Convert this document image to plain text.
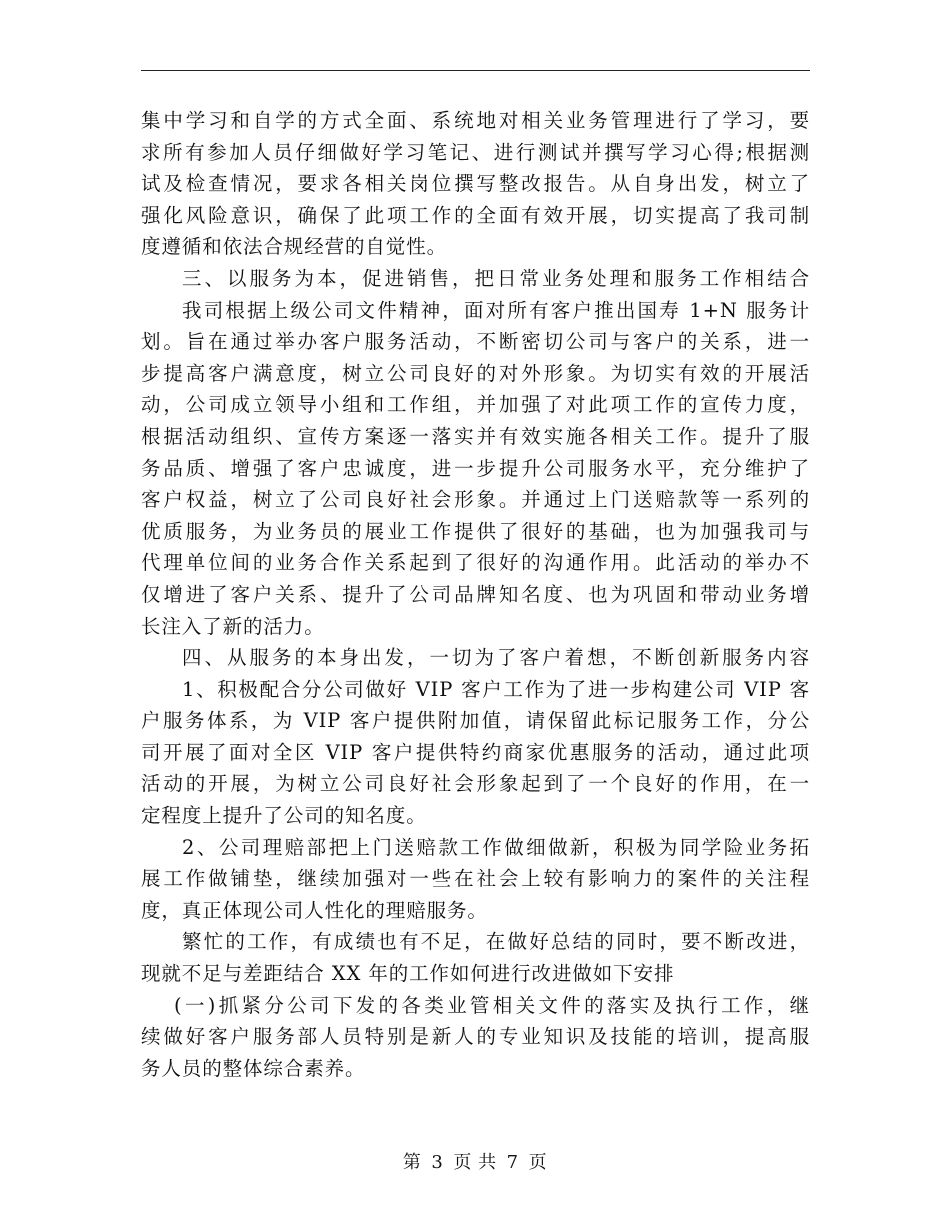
集中学习和自学的方式全面、系统地对相关业务管理进行了学习，要
求所有参加人员仔细做好学习笔记、进行测试并撰写学习心得;根据测
试及检查情况，要求各相关岗位撰写整改报告。从自身出发，树立了
强化风险意识，确保了此项工作的全面有效开展，切实提高了我司制
度遵循和依法合规经营的自觉性。
三、以服务为本，促进销售，把日常业务处理和服务工作相结合
我司根据上级公司文件精神，面对所有客户推出国寿 1+N 服务计
划。旨在通过举办客户服务活动，不断密切公司与客户的关系，进一
步提高客户满意度，树立公司良好的对外形象。为切实有效的开展活
动，公司成立领导小组和工作组，并加强了对此项工作的宣传力度，
根据活动组织、宣传方案逐一落实并有效实施各相关工作。提升了服
务品质、增强了客户忠诚度，进一步提升公司服务水平，充分维护了
客户权益，树立了公司良好社会形象。并通过上门送赔款等一系列的
优质服务，为业务员的展业工作提供了很好的基础，也为加强我司与
代理单位间的业务合作关系起到了很好的沟通作用。此活动的举办不
仅增进了客户关系、提升了公司品牌知名度、也为巩固和带动业务增
长注入了新的活力。
四、从服务的本身出发，一切为了客户着想，不断创新服务内容
1、积极配合分公司做好 VIP 客户工作为了进一步构建公司 VIP 客
户服务体系，为 VIP 客户提供附加值，请保留此标记服务工作，分公
司开展了面对全区 VIP 客户提供特约商家优惠服务的活动，通过此项
活动的开展，为树立公司良好社会形象起到了一个良好的作用，在一
定程度上提升了公司的知名度。
2、公司理赔部把上门送赔款工作做细做新，积极为同学险业务拓
展工作做铺垫，继续加强对一些在社会上较有影响力的案件的关注程
度，真正体现公司人性化的理赔服务。
繁忙的工作，有成绩也有不足，在做好总结的同时，要不断改进，
现就不足与差距结合 XX 年的工作如何进行改进做如下安排
(一)抓紧分公司下发的各类业管相关文件的落实及执行工作，继
续做好客户服务部人员特别是新人的专业知识及技能的培训，提高服
务人员的整体综合素养。
第 3 页 共 7 页
